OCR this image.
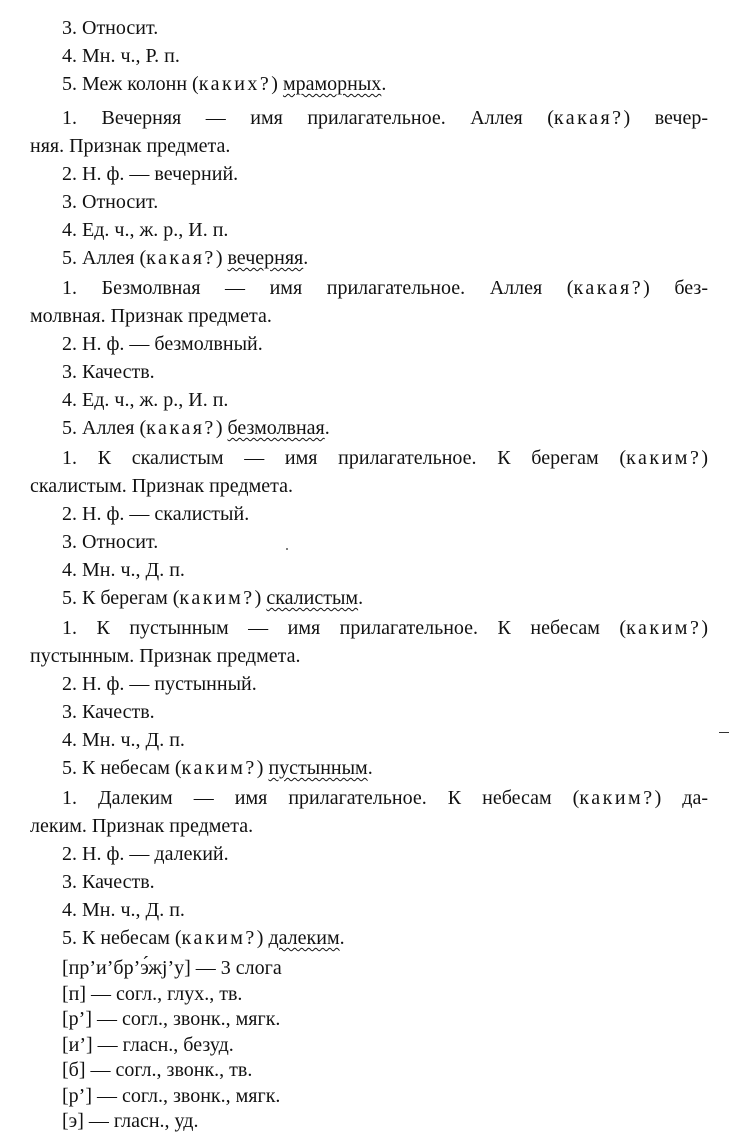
3. Относит.
4. Мн. ч., Р. п.
5. Меж колонн (каких?) мраморных.
1. Вечерняя — имя прилагательное. Аллея (какая?) вечер-
няя. Признак предмета.
2. Н. ф. — вечерний.
3. Относит.
4. Ед. ч., ж. р., И. п.
5. Аллея (какая?) вечерняя.
1. Безмолвная — имя прилагательное. Аллея (какая?) без-
молвная. Признак предмета.
2. Н. ф. — безмолвный.
3. Качеств.
4. Ед. ч., ж. р., И. п.
5. Аллея (какая?) безмолвная.
1. К скалистым — имя прилагательное. К берегам (каким?)
скалистым. Признак предмета.
2. Н. ф. — скалистый.
3. Относит.
4. Мн. ч., Д. п.
5. К берегам (каким?) скалистым.
1. К пустынным — имя прилагательное. К небесам (каким?)
пустынным. Признак предмета.
2. Н. ф. — пустынный.
3. Качеств.
4. Мн. ч., Д. п.
5. К небесам (каким?) пустынным.
1. Далеким — имя прилагательное. К небесам (каким?) да-
леким. Признак предмета.
2. Н. ф. — далекий.
3. Качеств.
4. Мн. ч., Д. п.
5. К небесам (каким?) далеким.
[пр’и’бр’э́жj’у] — 3 слога
[п] — согл., глух., тв.
[р’] — согл., звонк., мягк.
[и’] — гласн., безуд.
[б] — согл., звонк., тв.
[р’] — согл., звонк., мягк.
[э] — гласн., уд.
